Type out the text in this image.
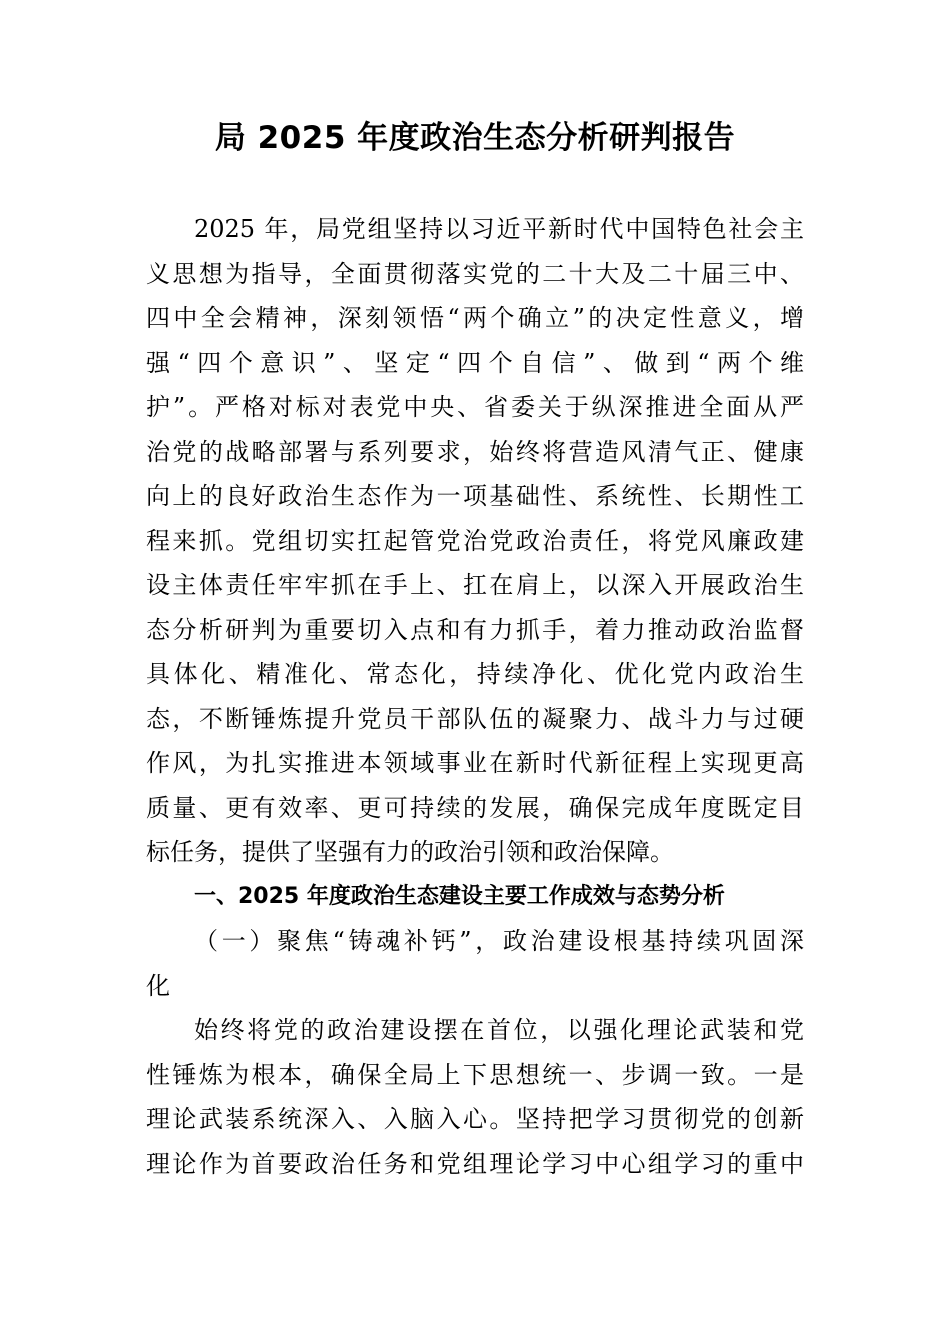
局 2025 年度政治生态分析研判报告
2025 年，局党组坚持以习近平新时代中国特色社会主
义思想为指导，全面贯彻落实党的二十大及二十届三中、
四中全会精神，深刻领悟“两个确立”的决定性意义，增
强“四个意识”、坚定“四个自信”、做到“两个维
护”。严格对标对表党中央、省委关于纵深推进全面从严
治党的战略部署与系列要求，始终将营造风清气正、健康
向上的良好政治生态作为一项基础性、系统性、长期性工
程来抓。党组切实扛起管党治党政治责任，将党风廉政建
设主体责任牢牢抓在手上、扛在肩上，以深入开展政治生
态分析研判为重要切入点和有力抓手，着力推动政治监督
具体化、精准化、常态化，持续净化、优化党内政治生
态，不断锤炼提升党员干部队伍的凝聚力、战斗力与过硬
作风，为扎实推进本领域事业在新时代新征程上实现更高
质量、更有效率、更可持续的发展，确保完成年度既定目
标任务，提供了坚强有力的政治引领和政治保障。
一、2025 年度政治生态建设主要工作成效与态势分析
（一）聚焦“铸魂补钙”，政治建设根基持续巩固深
化
始终将党的政治建设摆在首位，以强化理论武装和党
性锤炼为根本，确保全局上下思想统一、步调一致。一是
理论武装系统深入、入脑入心。坚持把学习贯彻党的创新
理论作为首要政治任务和党组理论学习中心组学习的重中
